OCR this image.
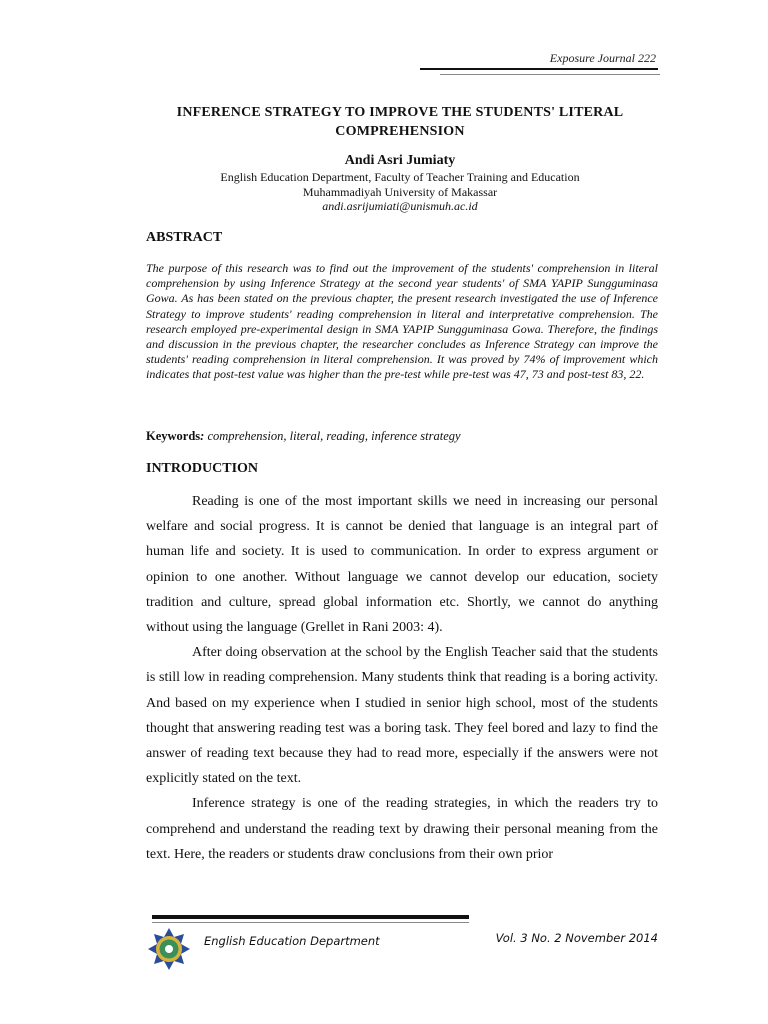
Exposure Journal 222
INFERENCE STRATEGY TO IMPROVE THE STUDENTS' LITERAL COMPREHENSION
Andi Asri Jumiaty
English Education Department, Faculty of Teacher Training and Education
Muhammadiyah University of Makassar
andi.asrijumiati@unismuh.ac.id
ABSTRACT
The purpose of this research was to find out the improvement of the students' comprehension in literal comprehension by using Inference Strategy at the second year students' of SMA YAPIP Sungguminasa Gowa. As has been stated on the previous chapter, the present research investigated the use of Inference Strategy to improve students' reading comprehension in literal and interpretative comprehension. The research employed pre-experimental design in SMA YAPIP Sungguminasa Gowa. Therefore, the findings and discussion in the previous chapter, the researcher concludes as Inference Strategy can improve the students' reading comprehension in literal comprehension. It was proved by 74% of improvement which indicates that post-test value was higher than the pre-test while pre-test was 47, 73 and post-test 83, 22.
Keywords: comprehension, literal, reading, inference strategy
INTRODUCTION

Reading is one of the most important skills we need in increasing our personal welfare and social progress. It is cannot be denied that language is an integral part of human life and society. It is used to communication. In order to express argument or opinion to one another. Without language we cannot develop our education, society tradition and culture, spread global information etc. Shortly, we cannot do anything without using the language (Grellet in Rani 2003: 4).

After doing observation at the school by the English Teacher said that the students is still low in reading comprehension. Many students think that reading is a boring activity. And based on my experience when I studied in senior high school, most of the students thought that answering reading test was a boring task. They feel bored and lazy to find the answer of reading text because they had to read more, especially if the answers were not explicitly stated on the text.

Inference strategy is one of the reading strategies, in which the readers try to comprehend and understand the reading text by drawing their personal meaning from the text. Here, the readers or students draw conclusions from their own prior

English Education Department	Vol. 3 No. 2 November 2014
